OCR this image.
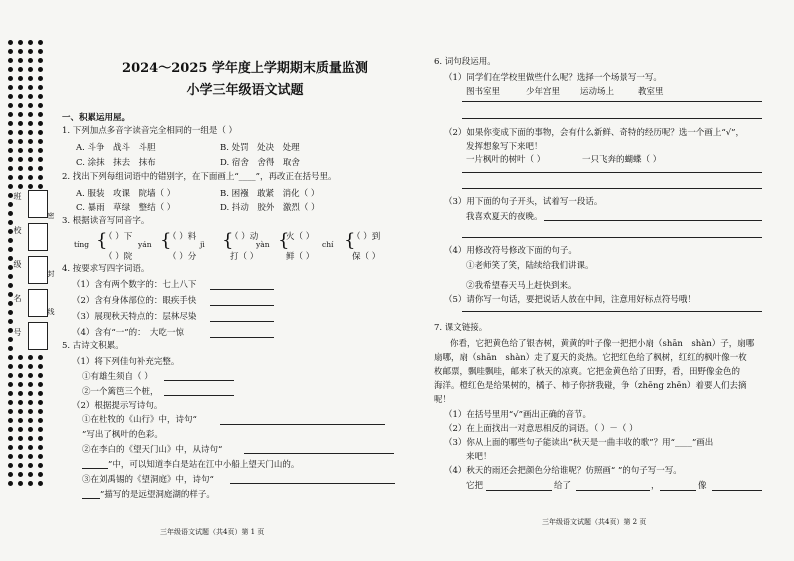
班
校
级
名
号
密
封
线
2024～2025 学年度上学期期末质量监测
小学三年级语文试题
一、积累运用屋。
1. 下列加点多音字读音完全相同的一组是（ ）
A. 斗争　战斗　斗胆	B. 处罚　处决　处理
C. 涂抹　抹去　抹布	D. 宿舍　舍得　取舍
2. 找出下列每组词语中的错别字，在下面画上“____”，再改正在括号里。
A. 服装　攻课　院墙（ ）	B. 困襁　敢紧　消化（ ）
C. 暴雨　草绿　整结（ ）	D. 抖动　胶外　激烈（ ）
3. 根据读音写同音字。
4. 按要求写四字词语。
（1）含有两个数字的：七上八下
（2）含有身体部位的：眼疾手快
（3）展现秋天特点的：层林尽染
（4）含有“一”的：　大吃一惊
5. 古诗文积累。
（1）将下列佳句补充完整。
①有雄生须自（ ）
②一个篱笆三个桩，
（2）根据提示写诗句。
①在杜牧的《山行》中，诗句“
”写出了枫叶的色彩。
②在李白的《望天门山》中，从诗句“
”中，可以知道李白是站在江中小船上望天门山的。
③在刘禹锡的《望洞庭》中，诗句“
”描写的是远望洞庭湖的样子。
三年级语文试题（共4页）第 1 页
tíng {
（ ）下
（ ）院
yán {
（ ）料
（ ）分
jì {
（ ）动
打（ ）
yàn {
火（ ）
鲜（ ）
chí {
（ ）到
保（ ）
6. 词句段运用。
（1）同学们在学校里做些什么呢？选择一个场景写一写。
图书室里	少年宫里 运动场上	教室里
（2）如果你变成下面的事物，会有什么新鲜、奇特的经历呢？选一个画上“√”，
发挥想象写下来吧！
一片枫叶的树叶（ ）	一只飞奔的蝴蝶（ ）
（3）用下面的句子开头，试着写一段话。
我喜欢夏天的夜晚。
（4）用修改符号修改下面的句子。
①老师笑了笑，陆续给我们讲课。
②我希望春天马上赶快到来。
（5）请你写一句话，要把说话人放在中间，注意用好标点符号哦！
7. 课文链接。
你看，它把黄色给了银杏树，黄黄的叶子像一把把小扇（shān　shàn）子，扇哪
扇哪，扇（shān　shàn）走了夏天的炎热。它把红色给了枫树，红红的枫叶像一枚
枚邮票，飘哇飘哇，邮来了秋天的凉爽。它把金黄色给了田野，看，田野像金色的
海洋。橙红色是给果树的，橘子、柿子你挤我碰，争（zhēng zhēn）着要人们去摘
呢！
（1）在括号里用“√”画出正确的音节。
（2）在上面找出一对意思相反的词语。（ ）－（ ）
（3）你从上面的哪些句子能读出“秋天是一曲丰收的歌”？用“____”画出
来吧！
（4）秋天的雨还会把颜色分给谁呢？仿照画“ ”的句子写一写。
它把	给了	，	像
三年级语文试题（共4页）第 2 页
